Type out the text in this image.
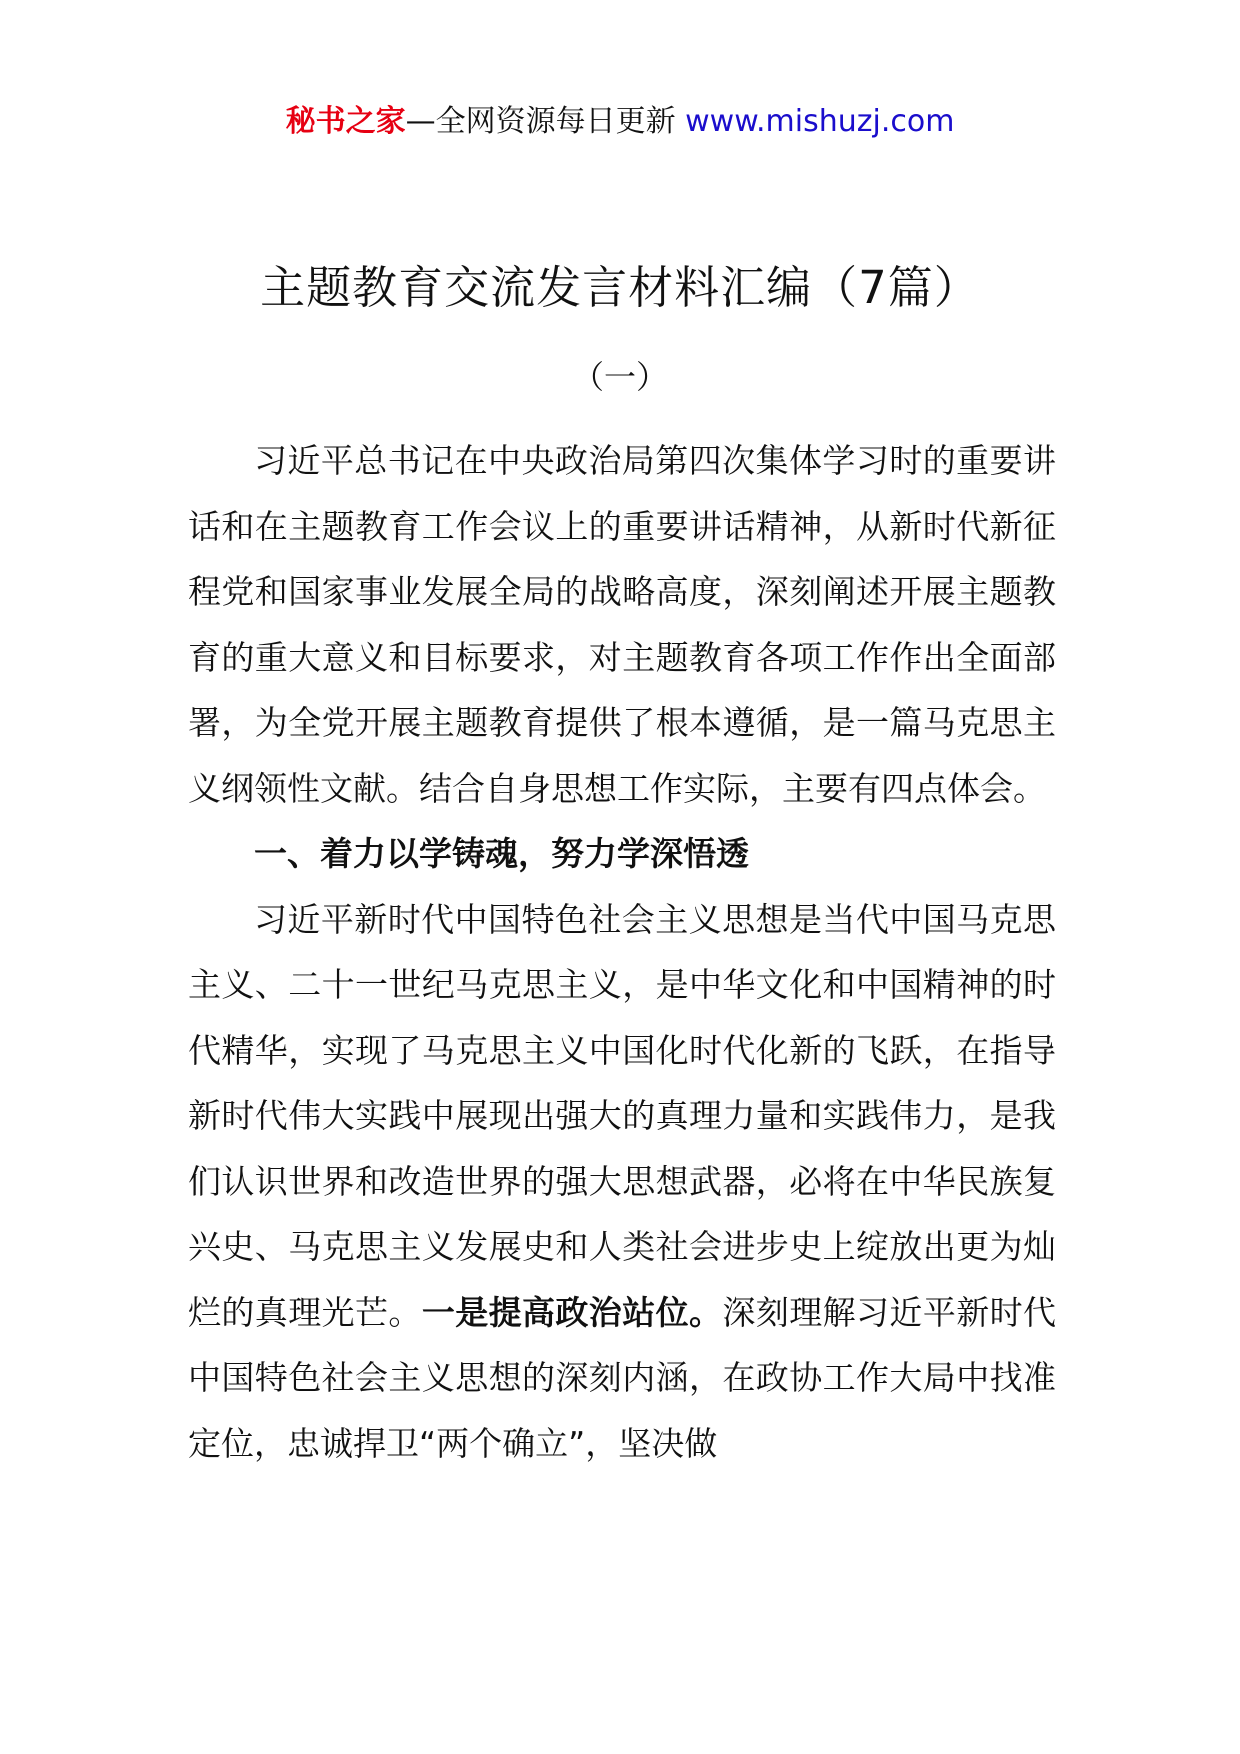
秘书之家—全网资源每日更新 www.mishuzj.com
主题教育交流发言材料汇编（7篇）
（一）

习近平总书记在中央政治局第四次集体学习时的重要讲话和在主题教育工作会议上的重要讲话精神，从新时代新征程党和国家事业发展全局的战略高度，深刻阐述开展主题教育的重大意义和目标要求，对主题教育各项工作作出全面部署，为全党开展主题教育提供了根本遵循，是一篇马克思主义纲领性文献。结合自身思想工作实际，主要有四点体会。

一、着力以学铸魂，努力学深悟透

习近平新时代中国特色社会主义思想是当代中国马克思主义、二十一世纪马克思主义，是中华文化和中国精神的时代精华，实现了马克思主义中国化时代化新的飞跃，在指导新时代伟大实践中展现出强大的真理力量和实践伟力，是我们认识世界和改造世界的强大思想武器，必将在中华民族复兴史、马克思主义发展史和人类社会进步史上绽放出更为灿烂的真理光芒。一是提高政治站位。深刻理解习近平新时代中国特色社会主义思想的深刻内涵，在政协工作大局中找准定位，忠诚捍卫“两个确立”，坚决做
